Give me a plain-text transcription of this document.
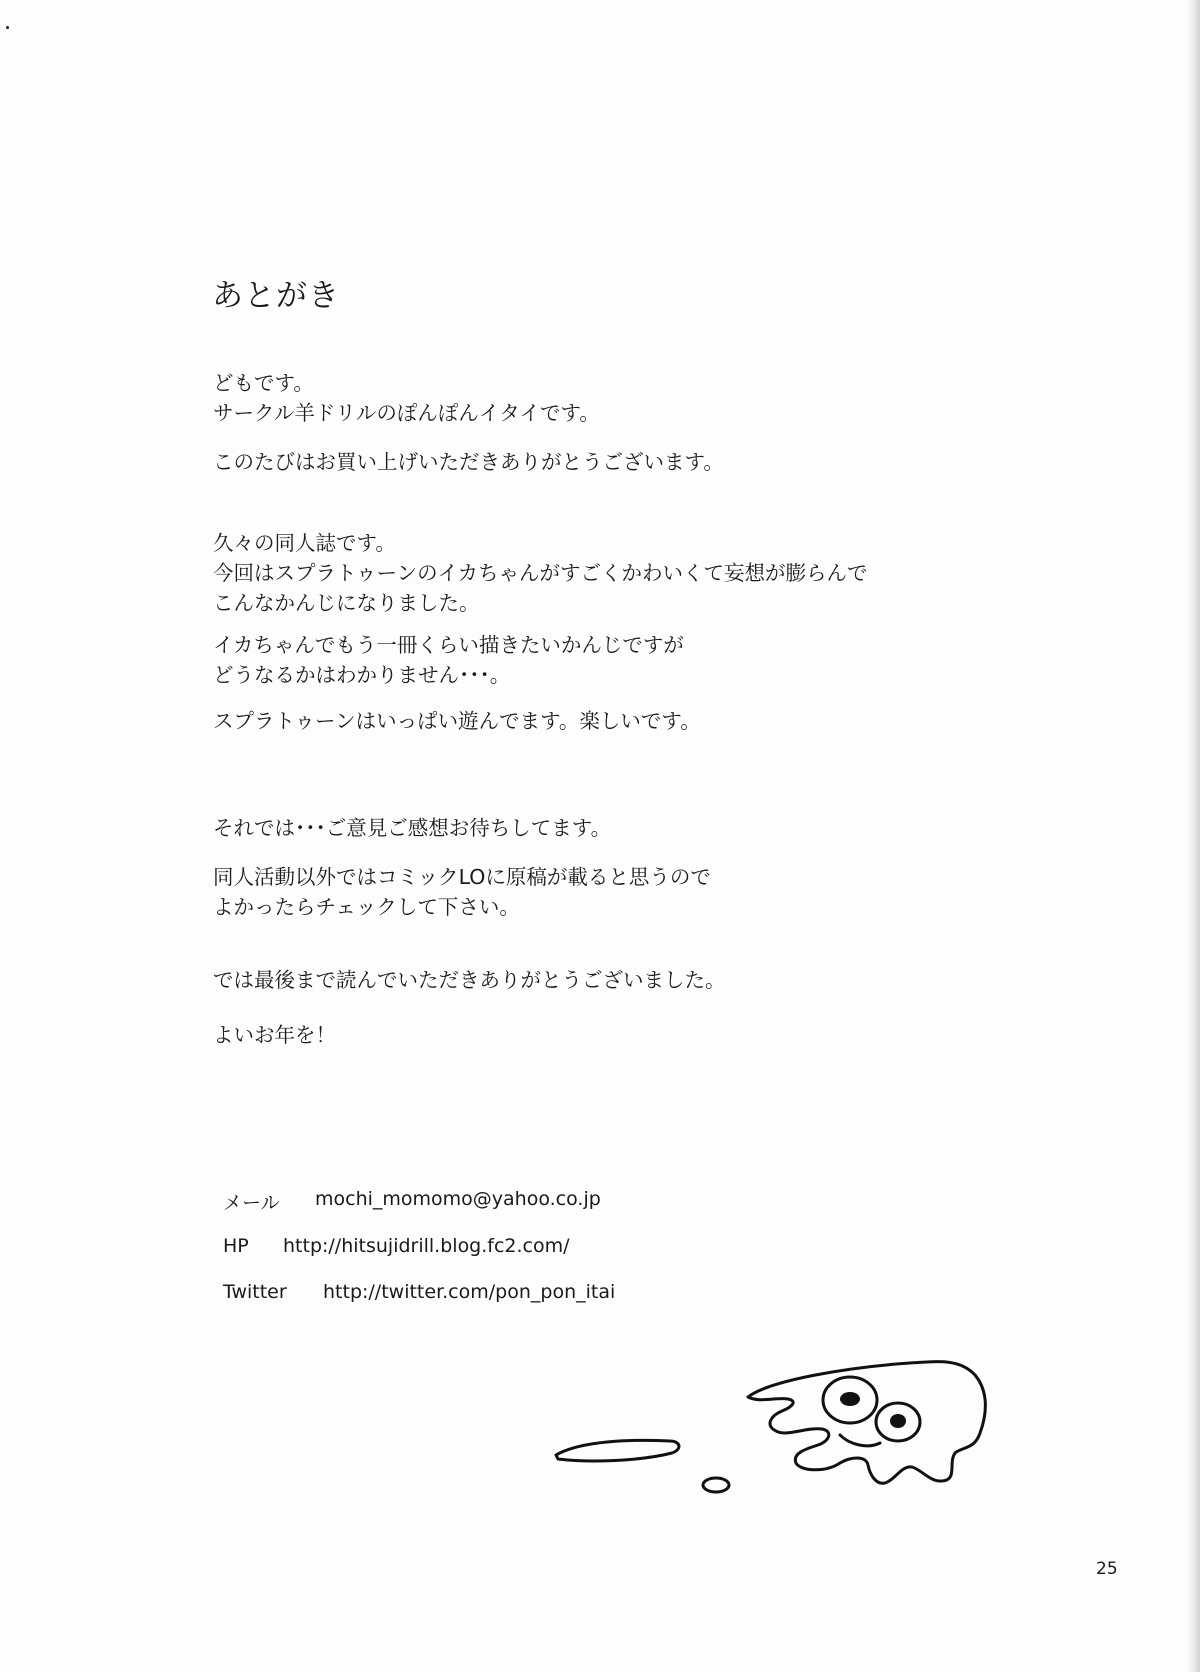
あとがき

どもです。
サークル羊ドリルのぽんぽんイタイです。

このたびはお買い上げいただきありがとうございます。

久々の同人誌です。
今回はスプラトゥーンのイカちゃんがすごくかわいくて妄想が膨らんで
こんなかんじになりました。

イカちゃんでもう一冊くらい描きたいかんじですが
どうなるかはわかりません･･･。

スプラトゥーンはいっぱい遊んでます。楽しいです。

それでは･･･ご意見ご感想お待ちしてます。

同人活動以外ではコミックLOに原稿が載ると思うので
よかったらチェックして下さい。

では最後まで読んでいただきありがとうございました。

よいお年を！

メール mochi_momomo@yahoo.co.jp
HP http://hitsujidrill.blog.fc2.com/
Twitter http://twitter.com/pon_pon_itai

25
